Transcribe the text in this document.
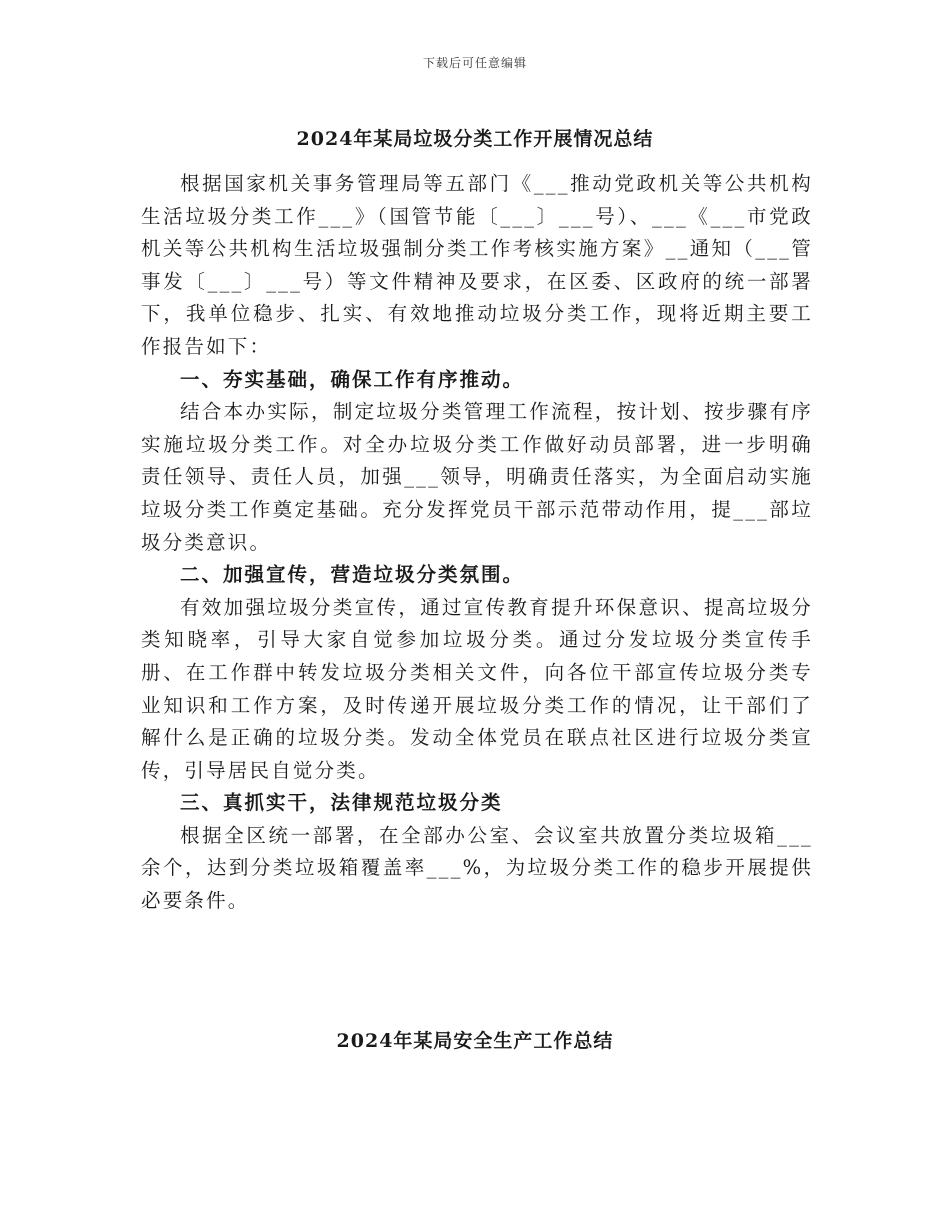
下载后可任意编辑
2024年某局垃圾分类工作开展情况总结

根据国家机关事务管理局等五部门《___推动党政机关等公共机构生活垃圾分类工作___》（国管节能〔___〕___号）、___《___市党政机关等公共机构生活垃圾强制分类工作考核实施方案》__通知（___管事发〔___〕___号）等文件精神及要求，在区委、区政府的统一部署下，我单位稳步、扎实、有效地推动垃圾分类工作，现将近期主要工作报告如下：

一、夯实基础，确保工作有序推动。

结合本办实际，制定垃圾分类管理工作流程，按计划、按步骤有序实施垃圾分类工作。对全办垃圾分类工作做好动员部署，进一步明确责任领导、责任人员，加强___领导，明确责任落实，为全面启动实施垃圾分类工作奠定基础。充分发挥党员干部示范带动作用，提___部垃圾分类意识。

二、加强宣传，营造垃圾分类氛围。

有效加强垃圾分类宣传，通过宣传教育提升环保意识、提高垃圾分类知晓率，引导大家自觉参加垃圾分类。通过分发垃圾分类宣传手册、在工作群中转发垃圾分类相关文件，向各位干部宣传垃圾分类专业知识和工作方案，及时传递开展垃圾分类工作的情况，让干部们了解什么是正确的垃圾分类。发动全体党员在联点社区进行垃圾分类宣传，引导居民自觉分类。

三、真抓实干，法律规范垃圾分类

根据全区统一部署，在全部办公室、会议室共放置分类垃圾箱___余个，达到分类垃圾箱覆盖率___%，为垃圾分类工作的稳步开展提供必要条件。

2024年某局安全生产工作总结
